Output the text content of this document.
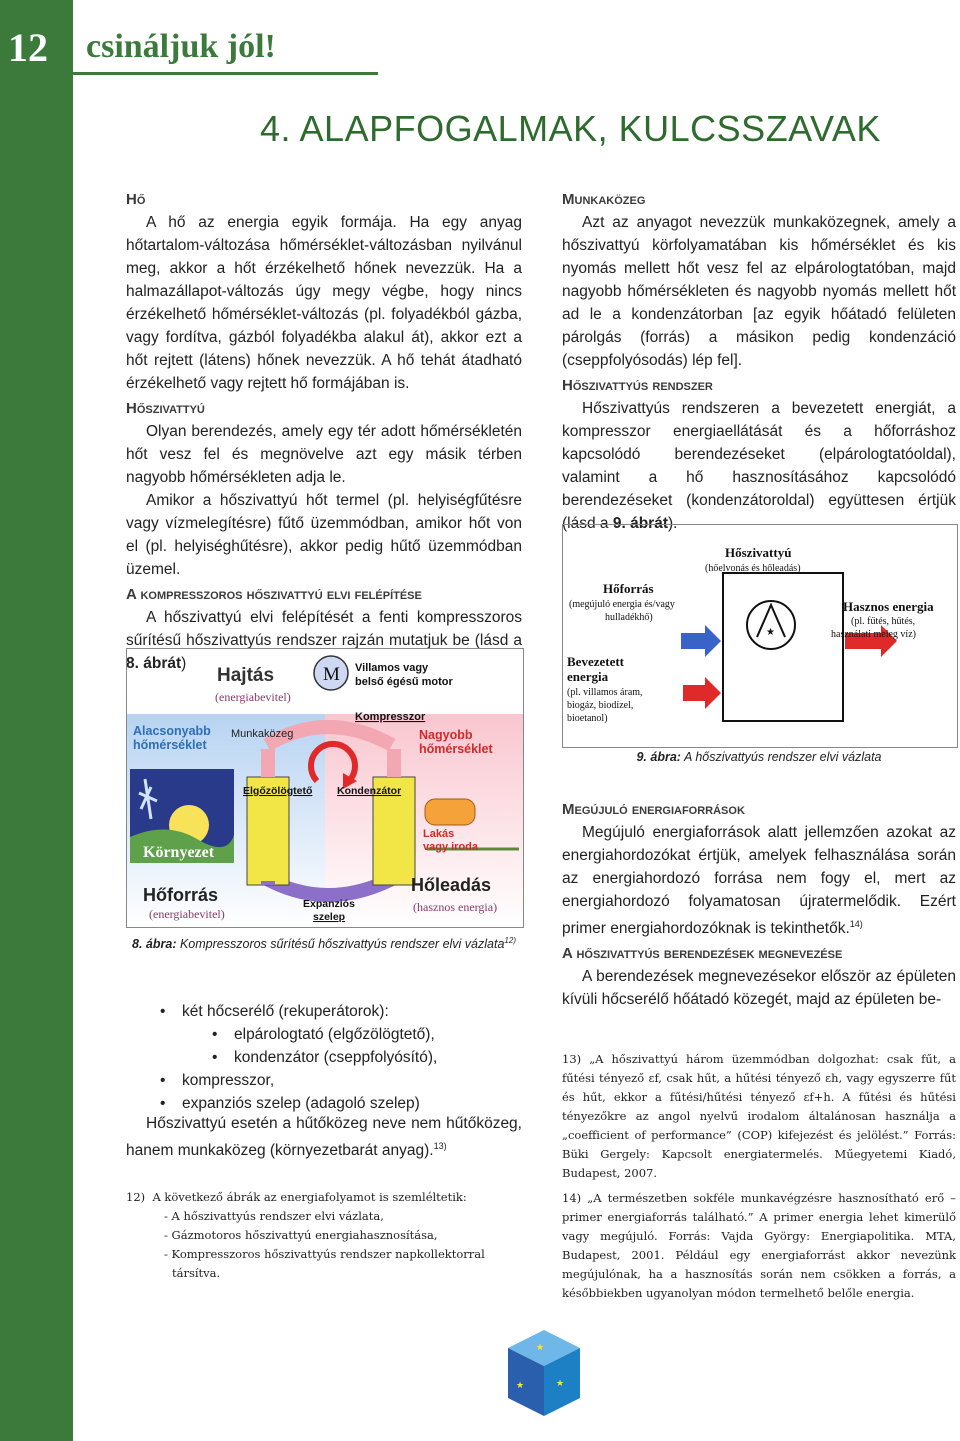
12 csináljuk jól!
4. ALAPFOGALMAK, KULCSSZAVAK
Hő

A hő az energia egyik formája. Ha egy anyag hőtartalom-változása hőmérséklet-változásban nyilvánul meg, akkor a hőt érzékelhető hőnek nevezzük. Ha a halmazállapot-változás úgy megy végbe, hogy nincs érzékelhető hőmérséklet-változás (pl. folyadékból gázba, vagy fordítva, gázból folyadékba alakul át), akkor ezt a hőt rejtett (látens) hőnek nevezzük. A hő tehát átadható érzékelhető vagy rejtett hő formájában is.

Hőszivattyú

Olyan berendezés, amely egy tér adott hőmérsékletén hőt vesz fel és megnövelve azt egy másik térben nagyobb hőmérsékleten adja le.

Amikor a hőszivattyú hőt termel (pl. helyiségfűtésre vagy vízmelegítésre) fűtő üzemmódban, amikor hőt von el (pl. helyiséghűtésre), akkor pedig hűtő üzemmódban üzemel.

A kompresszoros hőszivattyú elvi felépítése

A hőszivattyú elvi felépítését a fenti kompresszoros sűrítésű hőszivattyús rendszer rajzán mutatjuk be (lásd a 8. ábrát)

Hajtás
(energiabevitel)
M Villamos vagy
belső égésű motor
Kompresszor
Alacsonyabb
hőmérséklet
Munkaközeg	Nagyobb
hőmérséklet
Elgőzölögtető Kondenzátor
Környezet
Lakás
vagy iroda
Hőforrás
(energiabevitel)
Expanziós
szelep
Hőleadás
(hasznos energia)
8. ábra: Kompresszoros sűrítésű hőszivattyús rendszer elvi vázlata$^{12)}$
• két hőcserélő (rekuperátorok):
• elpárologtató (elgőzölögtető),
• kondenzátor (cseppfolyósító),
• kompresszor,
• expanziós szelep (adagoló szelep)

Hőszivattyú esetén a hűtőközeg neve nem hűtőközeg, hanem munkaközeg (környezetbarát anyag).$^{13)}$

12) A következő ábrák az energiafolyamot is szemléltetik:

- A hőszivattyús rendszer elvi vázlata,

- Gázmotoros hőszivattyú energiahasznosítása,

- Kompresszoros hőszivattyús rendszer napkollektorral

társítva.

Munkaközeg

Azt az anyagot nevezzük munkaközegnek, amely a hőszivattyú körfolyamatában kis hőmérséklet és kis nyomás mellett hőt vesz fel az elpárologtatóban, majd nagyobb hőmérsékleten és nagyobb nyomás mellett hőt ad le a kondenzátorban [az egyik hőátadó felületen párolgás (forrás) a másikon pedig kondenzáció (cseppfolyósodás) lép fel].

Hőszivattyús rendszer

Hőszivattyús rendszeren a bevezetett energiát, a kompresszor energiaellátását és a hőforráshoz kapcsolódó berendezéseket (elpárologtatóoldal), valamint a hő hasznosításához kapcsolódó berendezéseket (kondenzátoroldal) együttesen értjük (lásd a 9. ábrát).

★
Hőszivattyú
(hőelvonás és hőleadás)
Hőforrás
(megújuló energia és/vagy
hulladékhő)
Hasznos energia
(pl. fűtés, hűtés,
használati meleg víz)
Bevezetett
energia
(pl. villamos áram,
biogáz, biodízel,
bioetanol)
9. ábra: A hőszivattyús rendszer elvi vázlata
Megújuló energiaforrások

Megújuló energiaforrások alatt jellemzően azokat az energiahordozókat értjük, amelyek felhasználása során az energiahordozó forrása nem fogy el, mert az energiahordozó folyamatosan újratermelődik. Ezért primer energiahordozóknak is tekinthetők.$^{14)}$

A hőszivattyús berendezések megnevezése

A berendezések megnevezésekor először az épületen kívüli hőcserélő hőátadó közegét, majd az épületen be-

13) „A hőszivattyú három üzemmódban dolgozhat: csak fűt, a fűtési tényező εf, csak hűt, a hűtési tényező εh, vagy egyszerre fűt és hűt, ekkor a fűtési/hűtési tényező εf+h. A fűtési és hűtési tényezőkre az angol nyelvű irodalom általánosan használja a „coefficient of performance” (COP) kifejezést és jelölést.” Forrás: Büki Gergely: Kapcsolt energiatermelés. Műegyetemi Kiadó, Budapest, 2007.

14) „A természetben sokféle munkavégzésre hasznosítható erő – primer energiaforrás található.” A primer energia lehet kimerülő vagy megújuló. Forrás: Vajda György: Energiapolitika. MTA, Budapest, 2001. Például egy energiaforrást akkor nevezünk megújulónak, ha a hasznosítás során nem csökken a forrás, a későbbiekben ugyanolyan módon termelhető belőle energia.

★	★
★
